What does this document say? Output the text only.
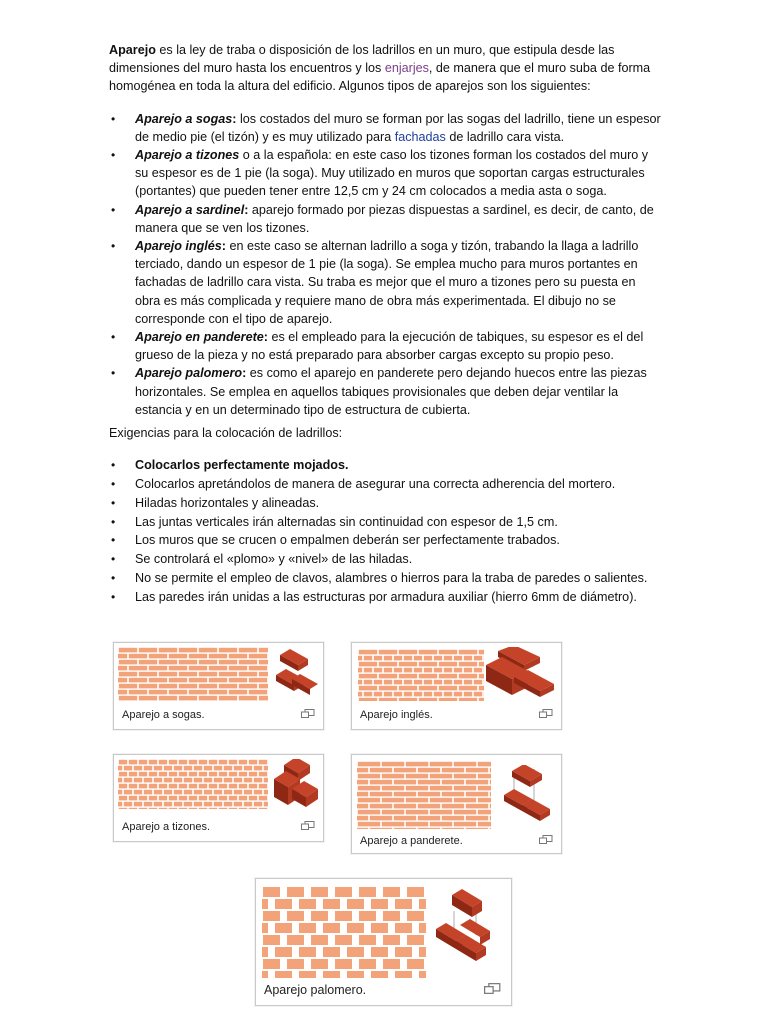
Aparejo es la ley de traba o disposición de los ladrillos en un muro, que estipula desde las dimensiones del muro hasta los encuentros y los enjarjes, de manera que el muro suba de forma homogénea en toda la altura del edificio. Algunos tipos de aparejos son los siguientes:

• Aparejo a sogas: los costados del muro se forman por las sogas del ladrillo, tiene un espesor de medio pie (el tizón) y es muy utilizado para fachadas de ladrillo cara vista.
• Aparejo a tizones o a la española: en este caso los tizones forman los costados del muro y su espesor es de 1 pie (la soga). Muy utilizado en muros que soportan cargas estructurales (portantes) que pueden tener entre 12,5 cm y 24 cm colocados a media asta o soga.
• Aparejo a sardinel: aparejo formado por piezas dispuestas a sardinel, es decir, de canto, de manera que se ven los tizones.
• Aparejo inglés: en este caso se alternan ladrillo a soga y tizón, trabando la llaga a ladrillo terciado, dando un espesor de 1 pie (la soga). Se emplea mucho para muros portantes en fachadas de ladrillo cara vista. Su traba es mejor que el muro a tizones pero su puesta en obra es más complicada y requiere mano de obra más experimentada. El dibujo no se corresponde con el tipo de aparejo.
• Aparejo en panderete: es el empleado para la ejecución de tabiques, su espesor es el del grueso de la pieza y no está preparado para absorber cargas excepto su propio peso.
• Aparejo palomero: es como el aparejo en panderete pero dejando huecos entre las piezas horizontales. Se emplea en aquellos tabiques provisionales que deben dejar ventilar la estancia y en un determinado tipo de estructura de cubierta.

Exigencias para la colocación de ladrillos:

• Colocarlos perfectamente mojados.
• Colocarlos apretándolos de manera de asegurar una correcta adherencia del mortero.
• Hiladas horizontales y alineadas.
• Las juntas verticales irán alternadas sin continuidad con espesor de 1,5 cm.
• Los muros que se crucen o empalmen deberán ser perfectamente trabados.
• Se controlará el «plomo» y «nivel» de las hiladas.
• No se permite el empleo de clavos, alambres o hierros para la traba de paredes o salientes.
• Las paredes irán unidas a las estructuras por armadura auxiliar (hierro 6mm de diámetro).
Aparejo a sogas.	Aparejo inglés.
Aparejo a tizones.
Aparejo a panderete.
Aparejo palomero.
